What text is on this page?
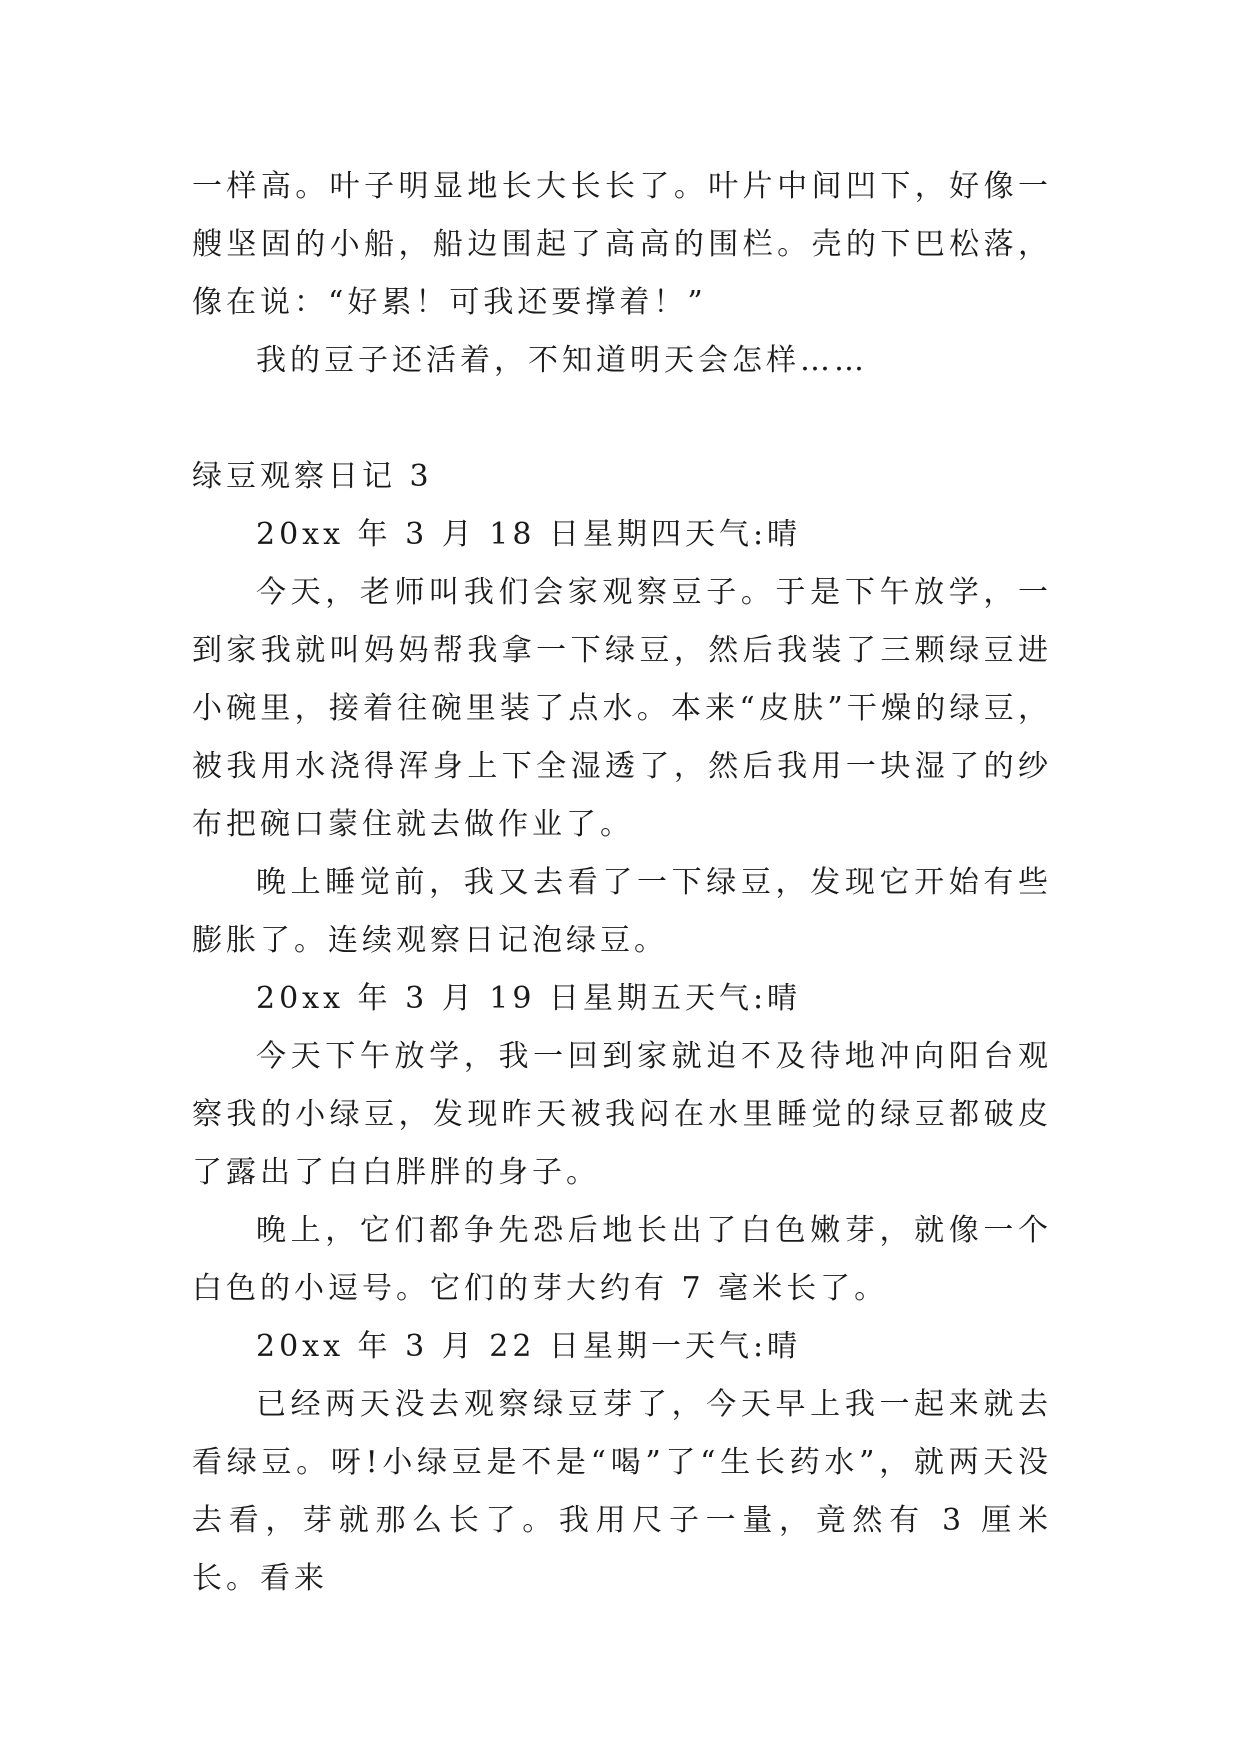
一样高。叶子明显地长大长长了。叶片中间凹下，好像一艘坚固的小船，船边围起了高高的围栏。壳的下巴松落，像在说：“好累！可我还要撑着！”

我的豆子还活着，不知道明天会怎样……

绿豆观察日记 3

20xx 年 3 月 18 日星期四天气:晴

今天，老师叫我们会家观察豆子。于是下午放学，一到家我就叫妈妈帮我拿一下绿豆，然后我装了三颗绿豆进小碗里，接着往碗里装了点水。本来“皮肤”干燥的绿豆，被我用水浇得浑身上下全湿透了，然后我用一块湿了的纱布把碗口蒙住就去做作业了。

晚上睡觉前，我又去看了一下绿豆，发现它开始有些膨胀了。连续观察日记泡绿豆。

20xx 年 3 月 19 日星期五天气:晴

今天下午放学，我一回到家就迫不及待地冲向阳台观察我的小绿豆，发现昨天被我闷在水里睡觉的绿豆都破皮了露出了白白胖胖的身子。

晚上，它们都争先恐后地长出了白色嫩芽，就像一个白色的小逗号。它们的芽大约有 7 毫米长了。

20xx 年 3 月 22 日星期一天气:晴

已经两天没去观察绿豆芽了，今天早上我一起来就去看绿豆。呀!小绿豆是不是“喝”了“生长药水”，就两天没去看，芽就那么长了。我用尺子一量，竟然有 3 厘米长。看来
